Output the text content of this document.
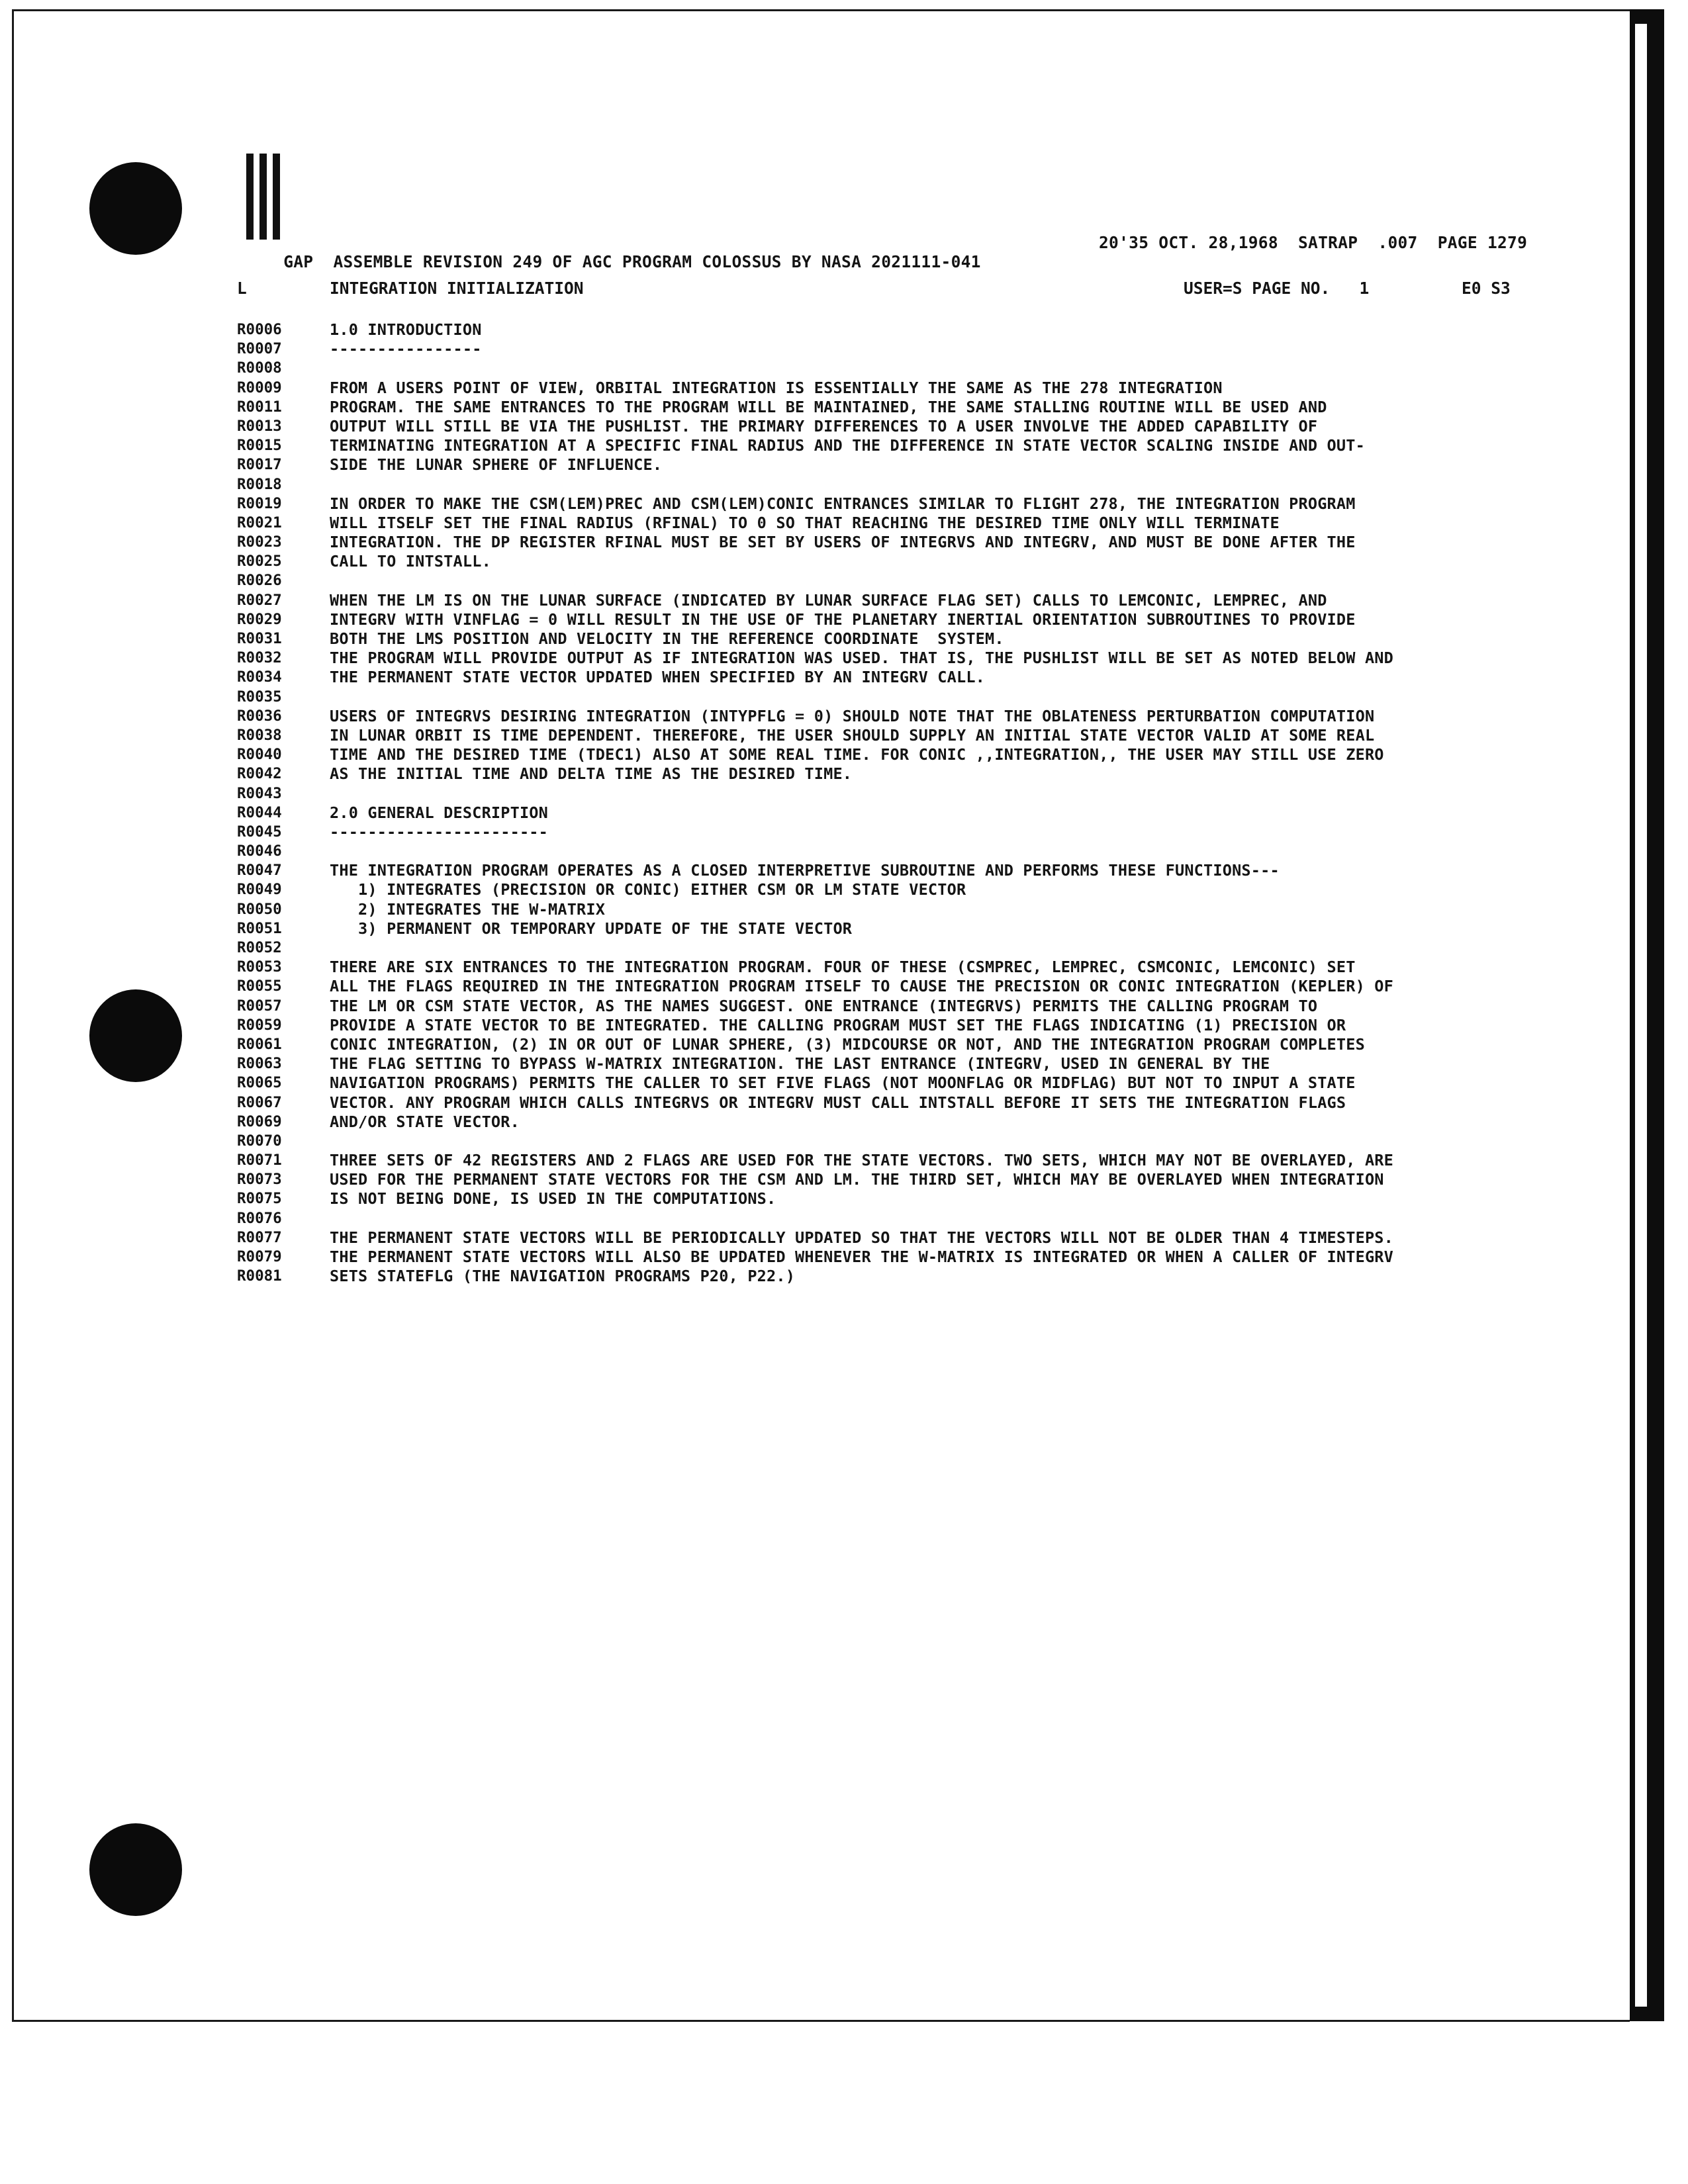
GAP  ASSEMBLE REVISION 249 OF AGC PROGRAM COLOSSUS BY NASA 2021111-041

20'35 OCT. 28,1968  SATRAP  .007  PAGE 1279

L	INTEGRATION INITIALIZATION	USER=S PAGE NO.   1	E0 S3
R0006	1.0 INTRODUCTION
R0007	----------------
R0008
R0009	FROM A USERS POINT OF VIEW, ORBITAL INTEGRATION IS ESSENTIALLY THE SAME AS THE 278 INTEGRATION
R0011	PROGRAM. THE SAME ENTRANCES TO THE PROGRAM WILL BE MAINTAINED, THE SAME STALLING ROUTINE WILL BE USED AND
R0013	OUTPUT WILL STILL BE VIA THE PUSHLIST. THE PRIMARY DIFFERENCES TO A USER INVOLVE THE ADDED CAPABILITY OF
R0015	TERMINATING INTEGRATION AT A SPECIFIC FINAL RADIUS AND THE DIFFERENCE IN STATE VECTOR SCALING INSIDE AND OUT-
R0017	SIDE THE LUNAR SPHERE OF INFLUENCE.
R0018
R0019	IN ORDER TO MAKE THE CSM(LEM)PREC AND CSM(LEM)CONIC ENTRANCES SIMILAR TO FLIGHT 278, THE INTEGRATION PROGRAM
R0021	WILL ITSELF SET THE FINAL RADIUS (RFINAL) TO 0 SO THAT REACHING THE DESIRED TIME ONLY WILL TERMINATE
R0023	INTEGRATION. THE DP REGISTER RFINAL MUST BE SET BY USERS OF INTEGRVS AND INTEGRV, AND MUST BE DONE AFTER THE
R0025	CALL TO INTSTALL.
R0026
R0027	WHEN THE LM IS ON THE LUNAR SURFACE (INDICATED BY LUNAR SURFACE FLAG SET) CALLS TO LEMCONIC, LEMPREC, AND
R0029	INTEGRV WITH VINFLAG = 0 WILL RESULT IN THE USE OF THE PLANETARY INERTIAL ORIENTATION SUBROUTINES TO PROVIDE
R0031	BOTH THE LMS POSITION AND VELOCITY IN THE REFERENCE COORDINATE  SYSTEM.
R0032	THE PROGRAM WILL PROVIDE OUTPUT AS IF INTEGRATION WAS USED. THAT IS, THE PUSHLIST WILL BE SET AS NOTED BELOW AND
R0034	THE PERMANENT STATE VECTOR UPDATED WHEN SPECIFIED BY AN INTEGRV CALL.
R0035
R0036	USERS OF INTEGRVS DESIRING INTEGRATION (INTYPFLG = 0) SHOULD NOTE THAT THE OBLATENESS PERTURBATION COMPUTATION
R0038	IN LUNAR ORBIT IS TIME DEPENDENT. THEREFORE, THE USER SHOULD SUPPLY AN INITIAL STATE VECTOR VALID AT SOME REAL
R0040	TIME AND THE DESIRED TIME (TDEC1) ALSO AT SOME REAL TIME. FOR CONIC ,,INTEGRATION,, THE USER MAY STILL USE ZERO
R0042	AS THE INITIAL TIME AND DELTA TIME AS THE DESIRED TIME.
R0043
R0044	2.0 GENERAL DESCRIPTION
R0045	-----------------------
R0046
R0047	THE INTEGRATION PROGRAM OPERATES AS A CLOSED INTERPRETIVE SUBROUTINE AND PERFORMS THESE FUNCTIONS---
R0049	1) INTEGRATES (PRECISION OR CONIC) EITHER CSM OR LM STATE VECTOR
R0050	2) INTEGRATES THE W-MATRIX
R0051	3) PERMANENT OR TEMPORARY UPDATE OF THE STATE VECTOR
R0052
R0053	THERE ARE SIX ENTRANCES TO THE INTEGRATION PROGRAM. FOUR OF THESE (CSMPREC, LEMPREC, CSMCONIC, LEMCONIC) SET
R0055	ALL THE FLAGS REQUIRED IN THE INTEGRATION PROGRAM ITSELF TO CAUSE THE PRECISION OR CONIC INTEGRATION (KEPLER) OF
R0057	THE LM OR CSM STATE VECTOR, AS THE NAMES SUGGEST. ONE ENTRANCE (INTEGRVS) PERMITS THE CALLING PROGRAM TO
R0059	PROVIDE A STATE VECTOR TO BE INTEGRATED. THE CALLING PROGRAM MUST SET THE FLAGS INDICATING (1) PRECISION OR
R0061	CONIC INTEGRATION, (2) IN OR OUT OF LUNAR SPHERE, (3) MIDCOURSE OR NOT, AND THE INTEGRATION PROGRAM COMPLETES
R0063	THE FLAG SETTING TO BYPASS W-MATRIX INTEGRATION. THE LAST ENTRANCE (INTEGRV, USED IN GENERAL BY THE
R0065	NAVIGATION PROGRAMS) PERMITS THE CALLER TO SET FIVE FLAGS (NOT MOONFLAG OR MIDFLAG) BUT NOT TO INPUT A STATE
R0067	VECTOR. ANY PROGRAM WHICH CALLS INTEGRVS OR INTEGRV MUST CALL INTSTALL BEFORE IT SETS THE INTEGRATION FLAGS
R0069	AND/OR STATE VECTOR.
R0070
R0071	THREE SETS OF 42 REGISTERS AND 2 FLAGS ARE USED FOR THE STATE VECTORS. TWO SETS, WHICH MAY NOT BE OVERLAYED, ARE
R0073	USED FOR THE PERMANENT STATE VECTORS FOR THE CSM AND LM. THE THIRD SET, WHICH MAY BE OVERLAYED WHEN INTEGRATION
R0075	IS NOT BEING DONE, IS USED IN THE COMPUTATIONS.
R0076
R0077	THE PERMANENT STATE VECTORS WILL BE PERIODICALLY UPDATED SO THAT THE VECTORS WILL NOT BE OLDER THAN 4 TIMESTEPS.
R0079	THE PERMANENT STATE VECTORS WILL ALSO BE UPDATED WHENEVER THE W-MATRIX IS INTEGRATED OR WHEN A CALLER OF INTEGRV
R0081	SETS STATEFLG (THE NAVIGATION PROGRAMS P20, P22.)
